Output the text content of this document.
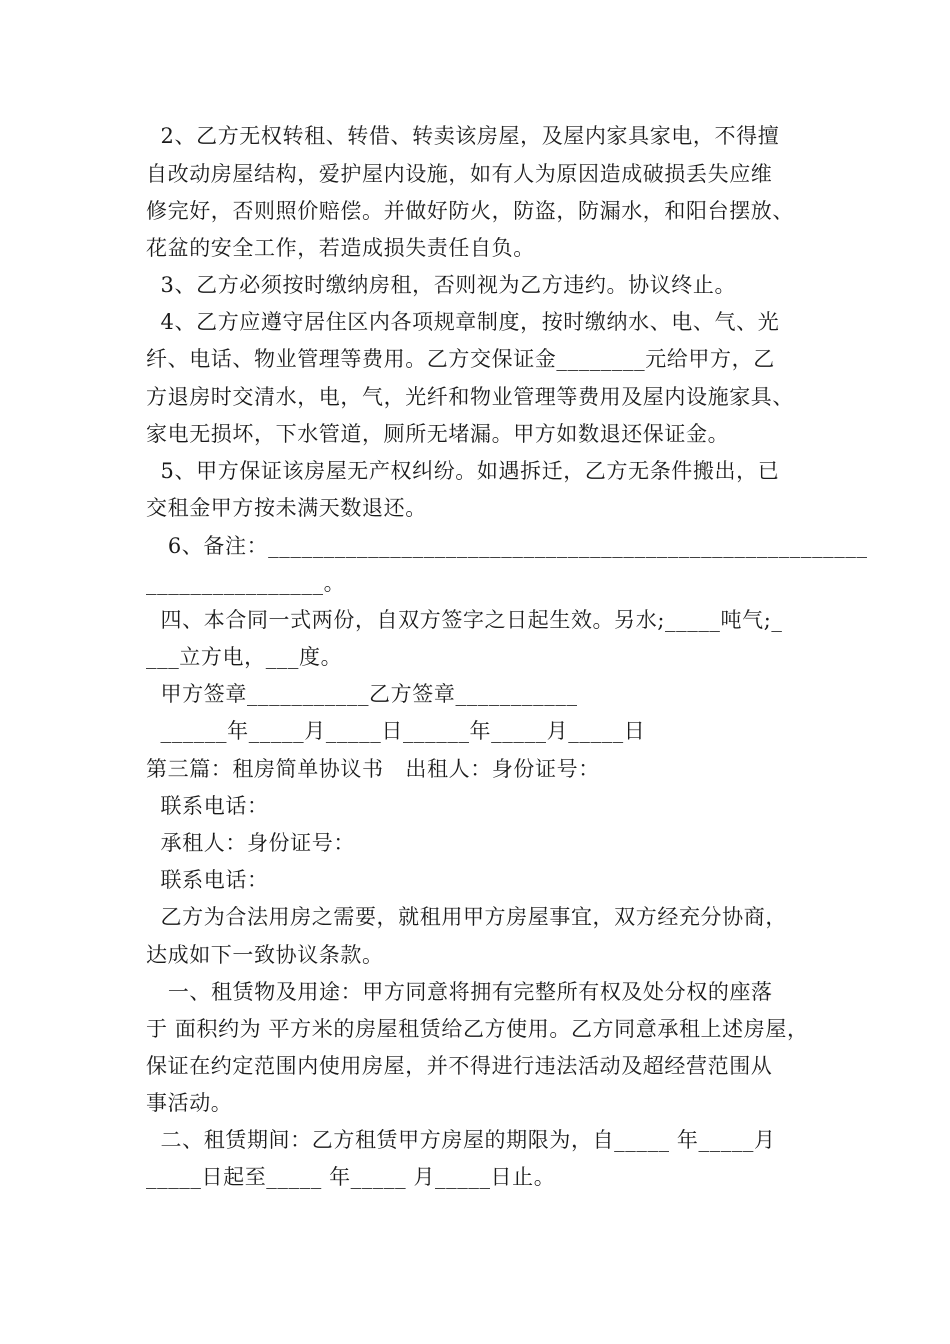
2、乙方无权转租、转借、转卖该房屋，及屋内家具家电，不得擅
自改动房屋结构，爱护屋内设施，如有人为原因造成破损丢失应维
修完好，否则照价赔偿。并做好防火，防盗，防漏水，和阳台摆放、
花盆的安全工作，若造成损失责任自负。
3、乙方必须按时缴纳房租，否则视为乙方违约。协议终止。
4、乙方应遵守居住区内各项规章制度，按时缴纳水、电、气、光
纤、电话、物业管理等费用。乙方交保证金________元给甲方，乙
方退房时交清水，电，气，光纤和物业管理等费用及屋内设施家具、
家电无损坏，下水管道，厕所无堵漏。甲方如数退还保证金。
5、甲方保证该房屋无产权纠纷。如遇拆迁，乙方无条件搬出，已
交租金甲方按未满天数退还。
6、备注：______________________________________________________
________________。
四、本合同一式两份，自双方签字之日起生效。另水;_____吨气;_
___立方电，___度。
甲方签章___________乙方签章___________
______年_____月_____日______年_____月_____日
第三篇：租房简单协议书   出租人：身份证号：
联系电话：
承租人：身份证号：
联系电话：
乙方为合法用房之需要，就租用甲方房屋事宜，双方经充分协商，
达成如下一致协议条款。
一、租赁物及用途：甲方同意将拥有完整所有权及处分权的座落
于 面积约为 平方米的房屋租赁给乙方使用。乙方同意承租上述房屋，
保证在约定范围内使用房屋，并不得进行违法活动及超经营范围从
事活动。
二、租赁期间：乙方租赁甲方房屋的期限为，自_____ 年_____月
_____日起至_____ 年_____ 月_____日止。
